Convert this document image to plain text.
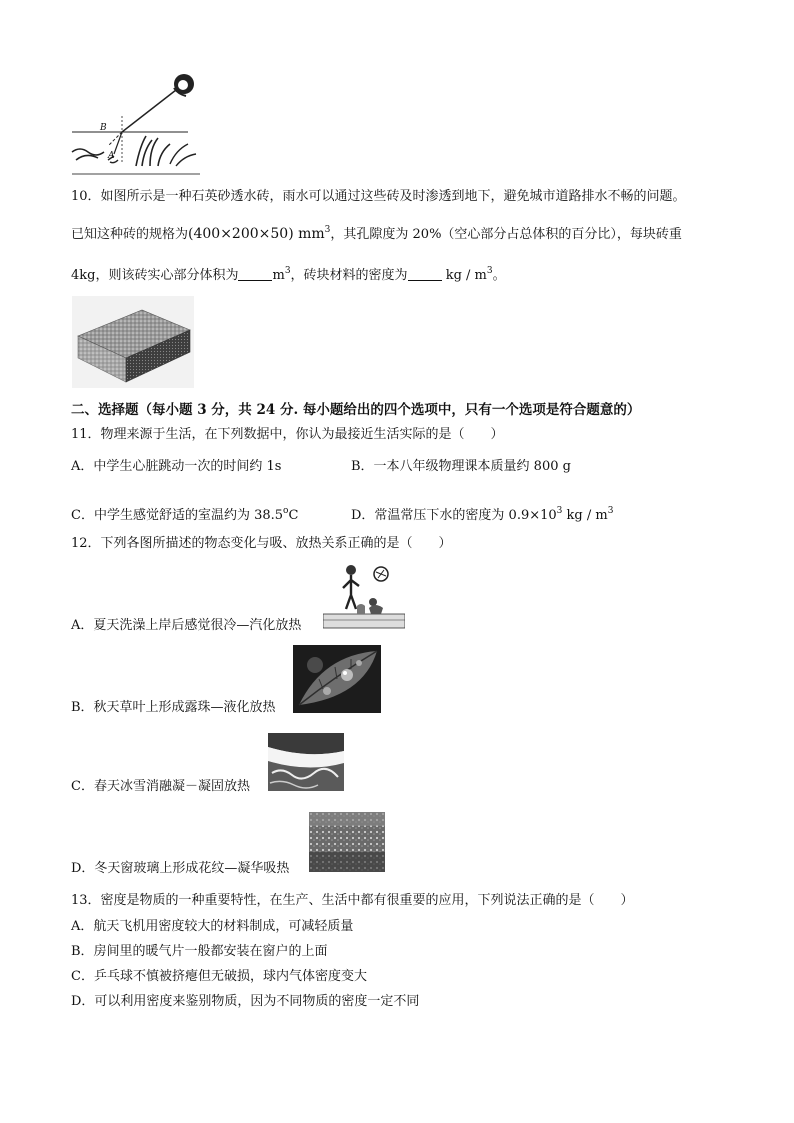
B
A
10．如图所示是一种石英砂透水砖，雨水可以通过这些砖及时渗透到地下，避免城市道路排水不畅的问题。
已知这种砖的规格为(400×200×50) $mm^3$，其孔隙度为 20%（空心部分占总体积的百分比），每块砖重
4kg，则该砖实心部分体积为	$m^3$，砖块材料的密度为	kg / $m^3$。
二、选择题（每小题 3 分，共 24 分. 每小题给出的四个选项中，只有一个选项是符合题意的）
11．物理来源于生活，在下列数据中，你认为最接近生活实际的是（　　）
A．中学生心脏跳动一次的时间约 1s	B．一本八年级物理课本质量约 800 g
C．中学生感觉舒适的室温约为 38.5$^o$C	D．常温常压下水的密度为 $0.9\times 10^3$ kg / $m^3$
12．下列各图所描述的物态变化与吸、放热关系正确的是（　　）
A．夏天洗澡上岸后感觉很冷—汽化放热
B．秋天草叶上形成露珠—液化放热
C．春天冰雪消融凝－凝固放热
D．冬天窗玻璃上形成花纹—凝华吸热
13．密度是物质的一种重要特性，在生产、生活中都有很重要的应用，下列说法正确的是（　　）
A．航天飞机用密度较大的材料制成，可减轻质量
B．房间里的暖气片一般都安装在窗户的上面
C．乒乓球不慎被挤瘪但无破损，球内气体密度变大
D．可以利用密度来鉴别物质，因为不同物质的密度一定不同
